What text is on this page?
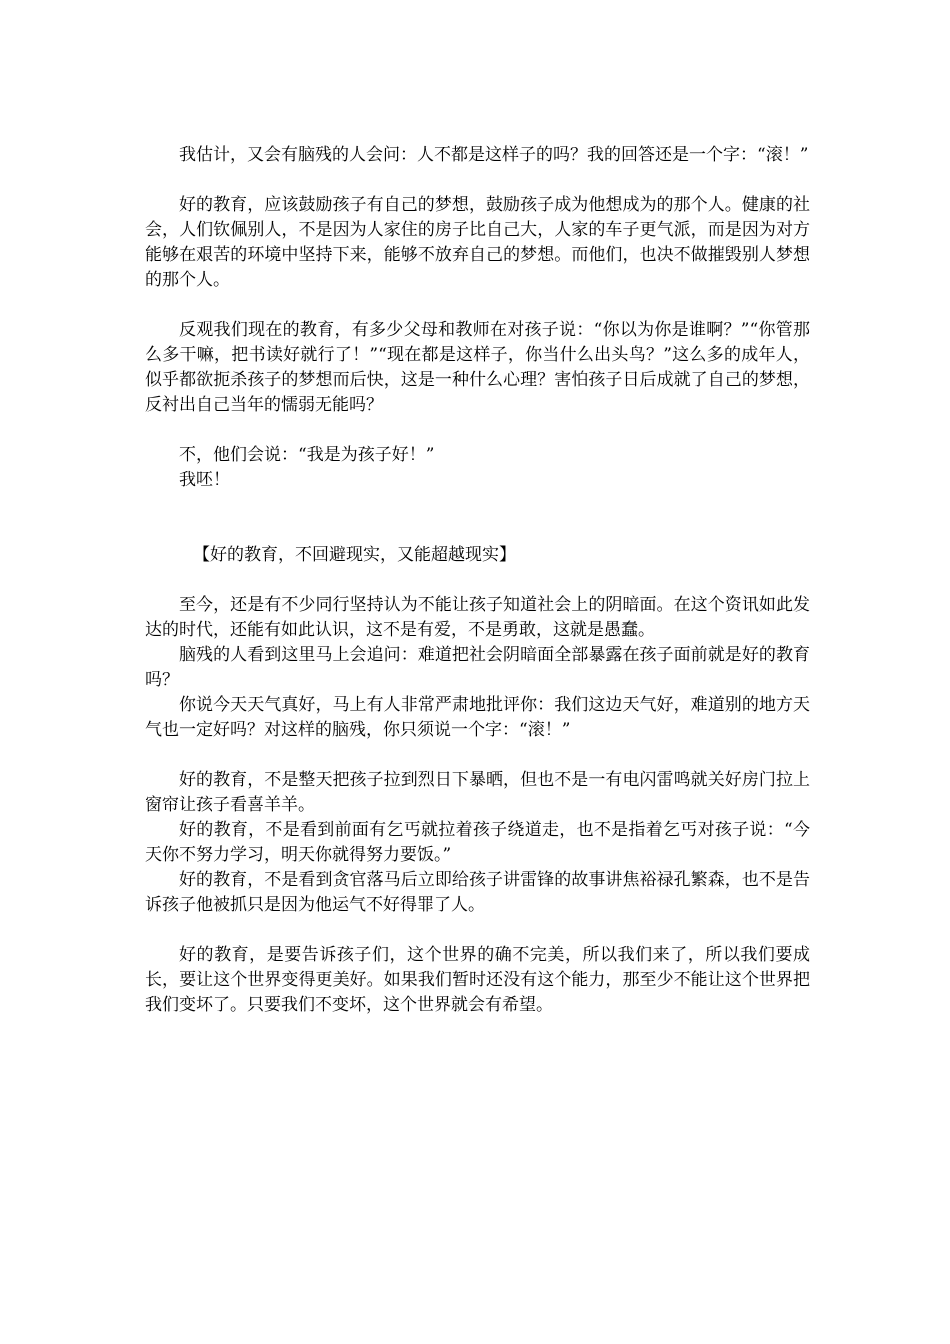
我估计，又会有脑残的人会问：人不都是这样子的吗？我的回答还是一个字：“滚！”

好的教育，应该鼓励孩子有自己的梦想，鼓励孩子成为他想成为的那个人。健康的社会，人们钦佩别人，不是因为人家住的房子比自己大，人家的车子更气派，而是因为对方能够在艰苦的环境中坚持下来，能够不放弃自己的梦想。而他们，也决不做摧毁别人梦想的那个人。

反观我们现在的教育，有多少父母和教师在对孩子说：“你以为你是谁啊？”“你管那么多干嘛，把书读好就行了！”“现在都是这样子，你当什么出头鸟？”这么多的成年人，似乎都欲扼杀孩子的梦想而后快，这是一种什么心理？害怕孩子日后成就了自己的梦想，反衬出自己当年的懦弱无能吗？

不，他们会说：“我是为孩子好！”

我呸！

【好的教育，不回避现实，又能超越现实】

至今，还是有不少同行坚持认为不能让孩子知道社会上的阴暗面。在这个资讯如此发达的时代，还能有如此认识，这不是有爱，不是勇敢，这就是愚蠢。

脑残的人看到这里马上会追问：难道把社会阴暗面全部暴露在孩子面前就是好的教育吗？

你说今天天气真好，马上有人非常严肃地批评你：我们这边天气好，难道别的地方天气也一定好吗？对这样的脑残，你只须说一个字：“滚！”

好的教育，不是整天把孩子拉到烈日下暴晒，但也不是一有电闪雷鸣就关好房门拉上窗帘让孩子看喜羊羊。

好的教育，不是看到前面有乞丐就拉着孩子绕道走，也不是指着乞丐对孩子说：“今天你不努力学习，明天你就得努力要饭。”

好的教育，不是看到贪官落马后立即给孩子讲雷锋的故事讲焦裕禄孔繁森，也不是告诉孩子他被抓只是因为他运气不好得罪了人。

好的教育，是要告诉孩子们，这个世界的确不完美，所以我们来了，所以我们要成长，要让这个世界变得更美好。如果我们暂时还没有这个能力，那至少不能让这个世界把我们变坏了。只要我们不变坏，这个世界就会有希望。
